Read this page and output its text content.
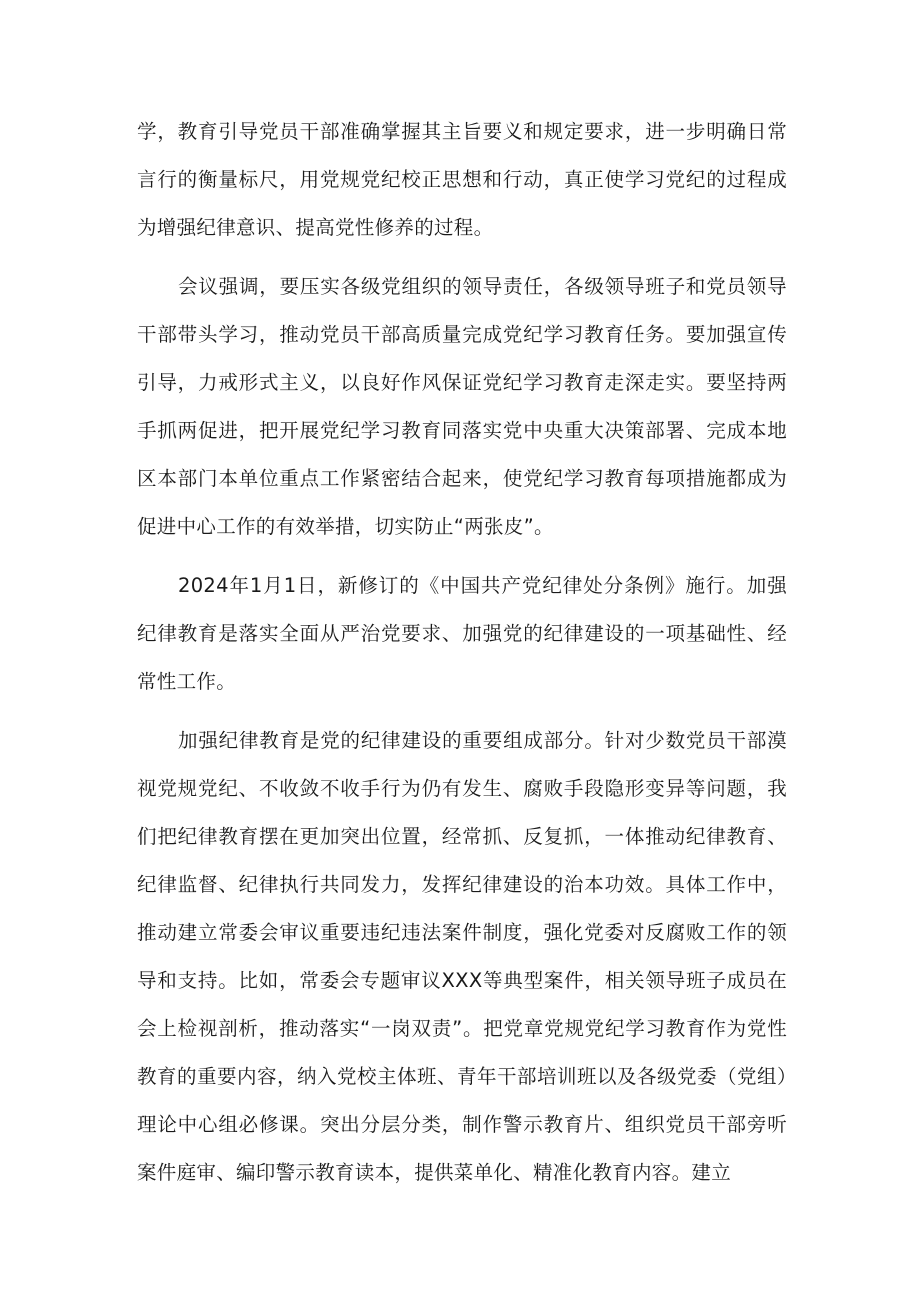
学，教育引导党员干部准确掌握其主旨要义和规定要求，进一步明确日常言行的衡量标尺，用党规党纪校正思想和行动，真正使学习党纪的过程成为增强纪律意识、提高党性修养的过程。

会议强调，要压实各级党组织的领导责任，各级领导班子和党员领导干部带头学习，推动党员干部高质量完成党纪学习教育任务。要加强宣传引导，力戒形式主义，以良好作风保证党纪学习教育走深走实。要坚持两手抓两促进，把开展党纪学习教育同落实党中央重大决策部署、完成本地区本部门本单位重点工作紧密结合起来，使党纪学习教育每项措施都成为促进中心工作的有效举措，切实防止“两张皮”。

2024年1月1日，新修订的《中国共产党纪律处分条例》施行。加强纪律教育是落实全面从严治党要求、加强党的纪律建设的一项基础性、经常性工作。

加强纪律教育是党的纪律建设的重要组成部分。针对少数党员干部漠视党规党纪、不收敛不收手行为仍有发生、腐败手段隐形变异等问题，我们把纪律教育摆在更加突出位置，经常抓、反复抓，一体推动纪律教育、纪律监督、纪律执行共同发力，发挥纪律建设的治本功效。具体工作中，推动建立常委会审议重要违纪违法案件制度，强化党委对反腐败工作的领导和支持。比如，常委会专题审议XXX等典型案件，相关领导班子成员在会上检视剖析，推动落实“一岗双责”。把党章党规党纪学习教育作为党性教育的重要内容，纳入党校主体班、青年干部培训班以及各级党委（党组）理论中心组必修课。突出分层分类，制作警示教育片、组织党员干部旁听案件庭审、编印警示教育读本，提供菜单化、精准化教育内容。建立
